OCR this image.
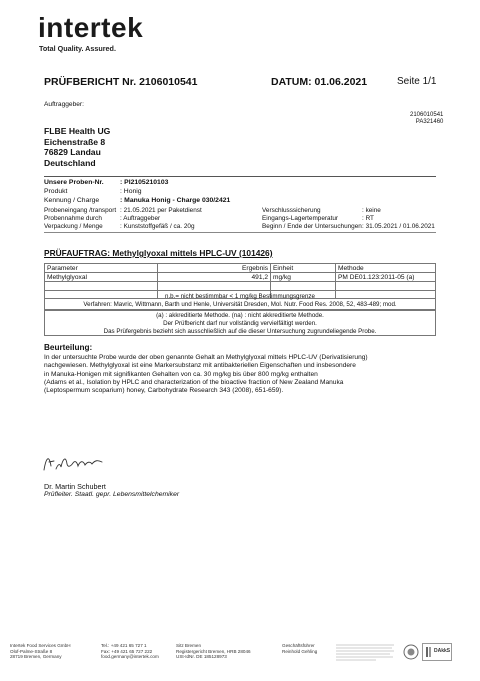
intertek
Total Quality. Assured.
PRÜFBERICHT Nr. 2106010541	DATUM: 01.06.2021	Seite 1/1
Auftraggeber:
2106010541
PA321460
FLBE Health UG
Eichenstraße 8
76829 Landau
Deutschland
Unsere Proben-Nr. : PI2105210103
Produkt	: Honig
Kennung / Charge	: Manuka Honig - Charge 030/2421
Probeneingang /transport : 21.05.2021 per Paketdienst
Probennahme durch	: Auftraggeber
Verpackung / Menge	: Kunststoffgefäß / ca. 20g
Verschlusssicherung	: keine
Eingangs-Lagertemperatur	: RT
Beginn / Ende der Untersuchungen : 31.05.2021 / 01.06.2021
PRÜFAUFTRAG: Methylglyoxal mittels HPLC-UV (101426)
Parameter	Ergebnis	Einheit	Methode
Methylglyoxal	491,2	mg/kg	PM DE01.123:2011-05 (a)

n.b.= nicht bestimmbar < 1 mg/kg Bestimmungsgrenze
Verfahren: Mavric, Wittmann, Barth und Henle, Universität Dresden, Mol. Nutr. Food Res. 2008, 52, 483-489; mod.
(a) : akkreditierte Methode. (na) : nicht akkreditierte Methode.
Der Prüfbericht darf nur vollständig vervielfältigt werden.
Das Prüfergebnis bezieht sich ausschließlich auf die dieser Untersuchung zugrundeliegende Probe.
Beurteilung:
In der untersuchte Probe wurde der oben genannte Gehalt an Methylglyoxal mittels HPLC-UV (Derivatisierung)
nachgewiesen. Methylglyoxal ist eine Markersubstanz mit antibakteriellen Eigenschaften und insbesondere
in Manuka-Honigen mit signifikanten Gehalten von ca. 30 mg/kg bis über 800 mg/kg enthalten
(Adams et al., Isolation by HPLC and characterization of the bioactive fraction of New Zealand Manuka
(Leptospermum scoparium) honey, Carbohydrate Research 343 (2008), 651-659).
Dr. Martin Schubert
Prüfleiter. Staatl. gepr. Lebensmittelchemiker
Intertek Food Services GmbH
Olof-Palme-Straße 8
28719 Bremen, Germany
Tel.: +49 421 65 727 1
Fax: +49 421 65 727 222
food.germany@intertek.com
Sitz Bremen
Registergericht Bremen, HRB 28046
USt-IdNr. DE 185128973
Geschäftsführer
Reinhold Gehling	DAkkS
